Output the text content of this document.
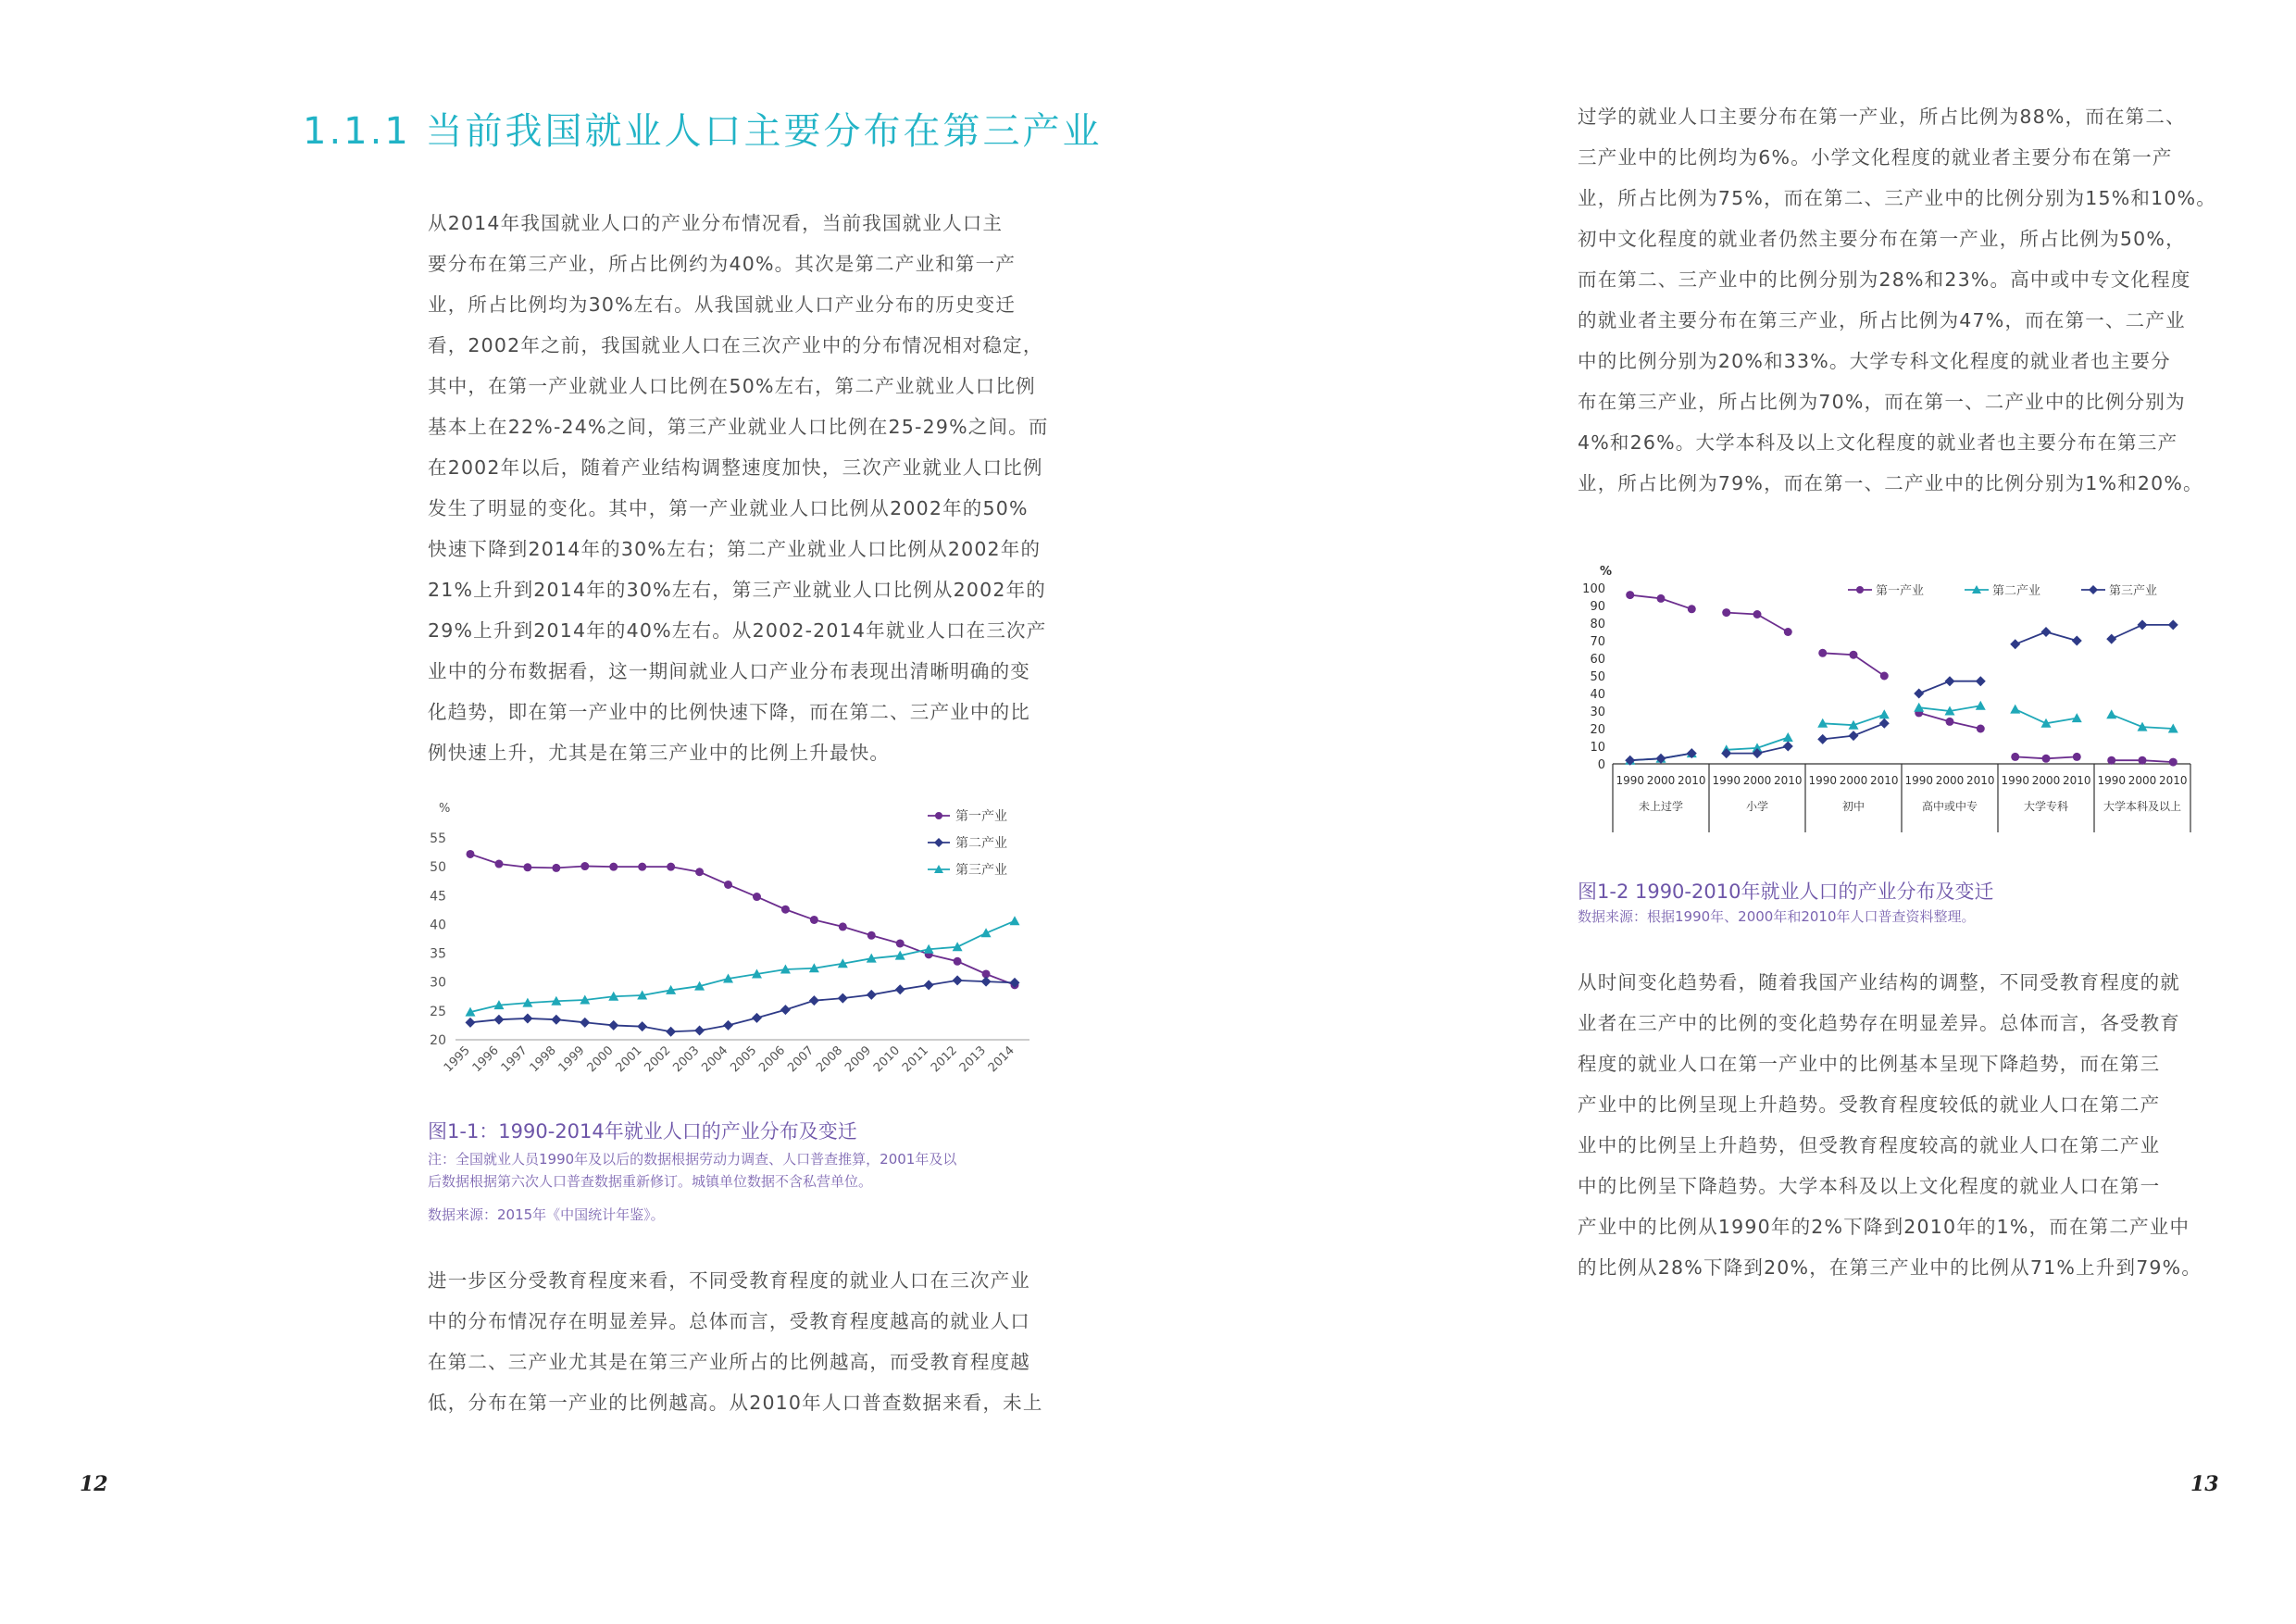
1.1.1 当前我国就业人口主要分布在第三产业
从2014年我国就业人口的产业分布情况看，当前我国就业人口主
要分布在第三产业，所占比例约为40%。其次是第二产业和第一产
业，所占比例均为30%左右。从我国就业人口产业分布的历史变迁
看，2002年之前，我国就业人口在三次产业中的分布情况相对稳定，
其中，在第一产业就业人口比例在50%左右，第二产业就业人口比例
基本上在22%-24%之间，第三产业就业人口比例在25-29%之间。而
在2002年以后，随着产业结构调整速度加快，三次产业就业人口比例
发生了明显的变化。其中，第一产业就业人口比例从2002年的50%
快速下降到2014年的30%左右；第二产业就业人口比例从2002年的
21%上升到2014年的30%左右，第三产业就业人口比例从2002年的
29%上升到2014年的40%左右。从2002-2014年就业人口在三次产
业中的分布数据看，这一期间就业人口产业分布表现出清晰明确的变
化趋势，即在第一产业中的比例快速下降，而在第二、三产业中的比
例快速上升，尤其是在第三产业中的比例上升最快。
%
20
25
30
35
40
45
50
55
1995
1996
1997
1998
1999
2000
2001
2002
2003
2004
2005
2006
2007
2008
2009
2010
2011
2012
2013
2014
第一产业
第二产业
第三产业
图1-1：1990-2014年就业人口的产业分布及变迁
注：全国就业人员1990年及以后的数据根据劳动力调查、人口普查推算，2001年及以
后数据根据第六次人口普查数据重新修订。城镇单位数据不含私营单位。
数据来源：2015年《中国统计年鉴》。
进一步区分受教育程度来看，不同受教育程度的就业人口在三次产业
中的分布情况存在明显差异。总体而言，受教育程度越高的就业人口
在第二、三产业尤其是在第三产业所占的比例越高，而受教育程度越
低，分布在第一产业的比例越高。从2010年人口普查数据来看，未上
12
过学的就业人口主要分布在第一产业，所占比例为88%，而在第二、
三产业中的比例均为6%。小学文化程度的就业者主要分布在第一产
业，所占比例为75%，而在第二、三产业中的比例分别为15%和10%。
初中文化程度的就业者仍然主要分布在第一产业，所占比例为50%，
而在第二、三产业中的比例分别为28%和23%。高中或中专文化程度
的就业者主要分布在第三产业，所占比例为47%，而在第一、二产业
中的比例分别为20%和33%。大学专科文化程度的就业者也主要分
布在第三产业，所占比例为70%，而在第一、二产业中的比例分别为
4%和26%。大学本科及以上文化程度的就业者也主要分布在第三产
业，所占比例为79%，而在第一、二产业中的比例分别为1%和20%。
%
0
10
20
30
40
50
60
70
80
90
100
1990 2000 2010
未上过学
1990 2000 2010
小学
1990 2000 2010
初中
1990 2000 2010
高中或中专
1990 2000 2010
大学专科
1990 2000 2010
大学本科及以上
第一产业	第二产业	第三产业
图1-2 1990-2010年就业人口的产业分布及变迁
数据来源：根据1990年、2000年和2010年人口普查资料整理。
从时间变化趋势看，随着我国产业结构的调整，不同受教育程度的就
业者在三产中的比例的变化趋势存在明显差异。总体而言，各受教育
程度的就业人口在第一产业中的比例基本呈现下降趋势，而在第三
产业中的比例呈现上升趋势。受教育程度较低的就业人口在第二产
业中的比例呈上升趋势，但受教育程度较高的就业人口在第二产业
中的比例呈下降趋势。大学本科及以上文化程度的就业人口在第一
产业中的比例从1990年的2%下降到2010年的1%，而在第二产业中
的比例从28%下降到20%，在第三产业中的比例从71%上升到79%。
13
